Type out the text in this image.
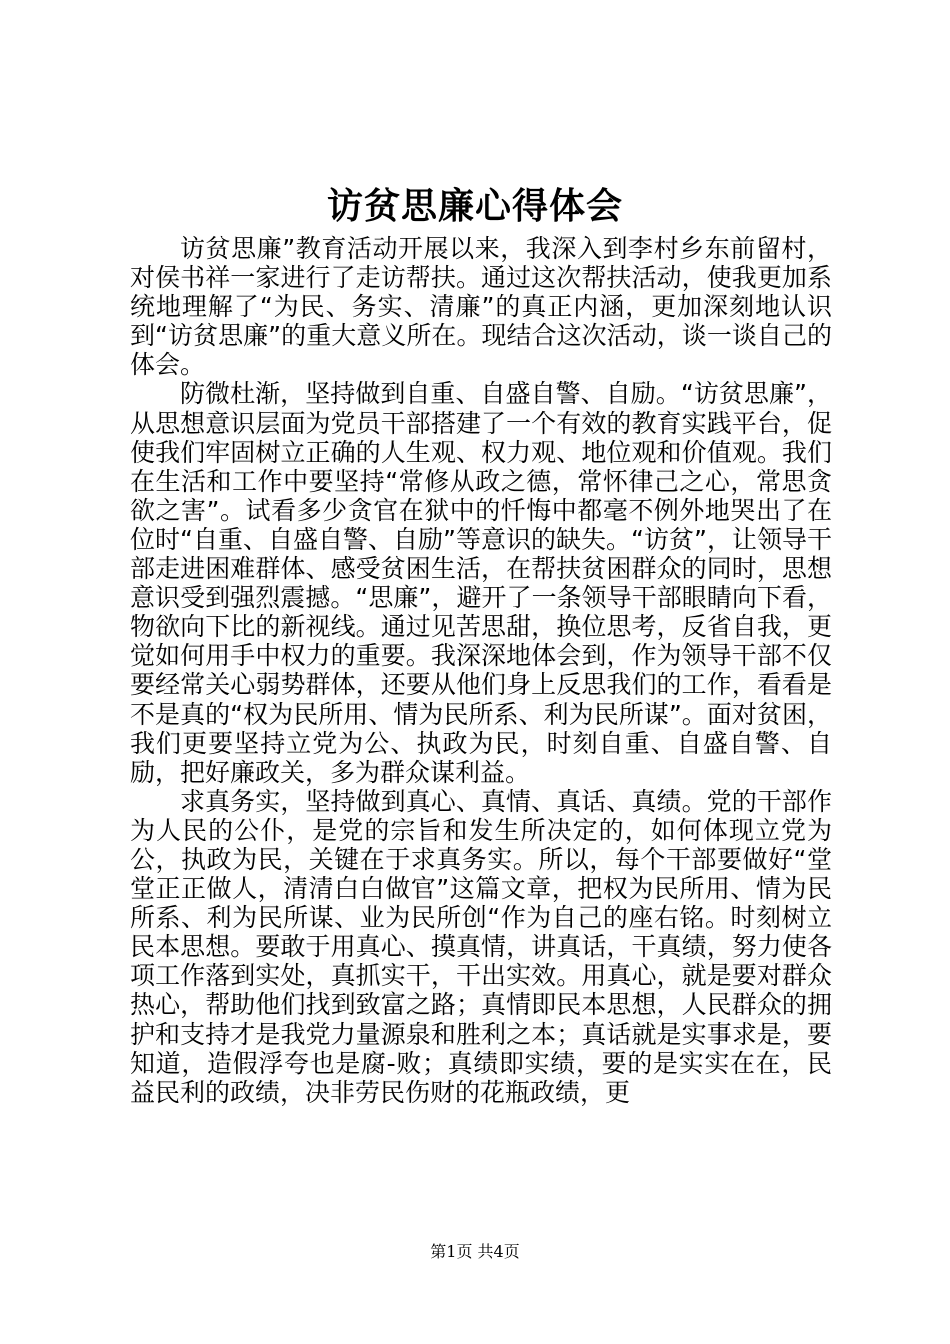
访贫思廉心得体会

访贫思廉”教育活动开展以来，我深入到李村乡东前留村，对侯书祥一家进行了走访帮扶。通过这次帮扶活动，使我更加系统地理解了“为民、务实、清廉”的真正内涵，更加深刻地认识到“访贫思廉”的重大意义所在。现结合这次活动，谈一谈自己的体会。

防微杜渐，坚持做到自重、自盛自警、自励。“访贫思廉”，从思想意识层面为党员干部搭建了一个有效的教育实践平台，促使我们牢固树立正确的人生观、权力观、地位观和价值观。我们在生活和工作中要坚持“常修从政之德，常怀律己之心，常思贪欲之害”。试看多少贪官在狱中的忏悔中都毫不例外地哭出了在位时“自重、自盛自警、自励”等意识的缺失。“访贫”，让领导干部走进困难群体、感受贫困生活，在帮扶贫困群众的同时，思想意识受到强烈震撼。“思廉”，避开了一条领导干部眼睛向下看，物欲向下比的新视线。通过见苦思甜，换位思考，反省自我，更觉如何用手中权力的重要。我深深地体会到，作为领导干部不仅要经常关心弱势群体，还要从他们身上反思我们的工作，看看是不是真的“权为民所用、情为民所系、利为民所谋”。面对贫困，我们更要坚持立党为公、执政为民，时刻自重、自盛自警、自励，把好廉政关，多为群众谋利益。

求真务实，坚持做到真心、真情、真话、真绩。党的干部作为人民的公仆，是党的宗旨和发生所决定的，如何体现立党为公，执政为民，关键在于求真务实。所以，每个干部要做好“堂堂正正做人，清清白白做官”这篇文章，把权为民所用、情为民所系、利为民所谋、业为民所创“作为自己的座右铭。时刻树立民本思想。要敢于用真心、摸真情，讲真话，干真绩，努力使各项工作落到实处，真抓实干，干出实效。用真心，就是要对群众热心，帮助他们找到致富之路；真情即民本思想，人民群众的拥护和支持才是我党力量源泉和胜利之本；真话就是实事求是，要知道，造假浮夸也是腐-败；真绩即实绩，要的是实实在在，民益民利的政绩，决非劳民伤财的花瓶政绩，更

第1页 共4页
